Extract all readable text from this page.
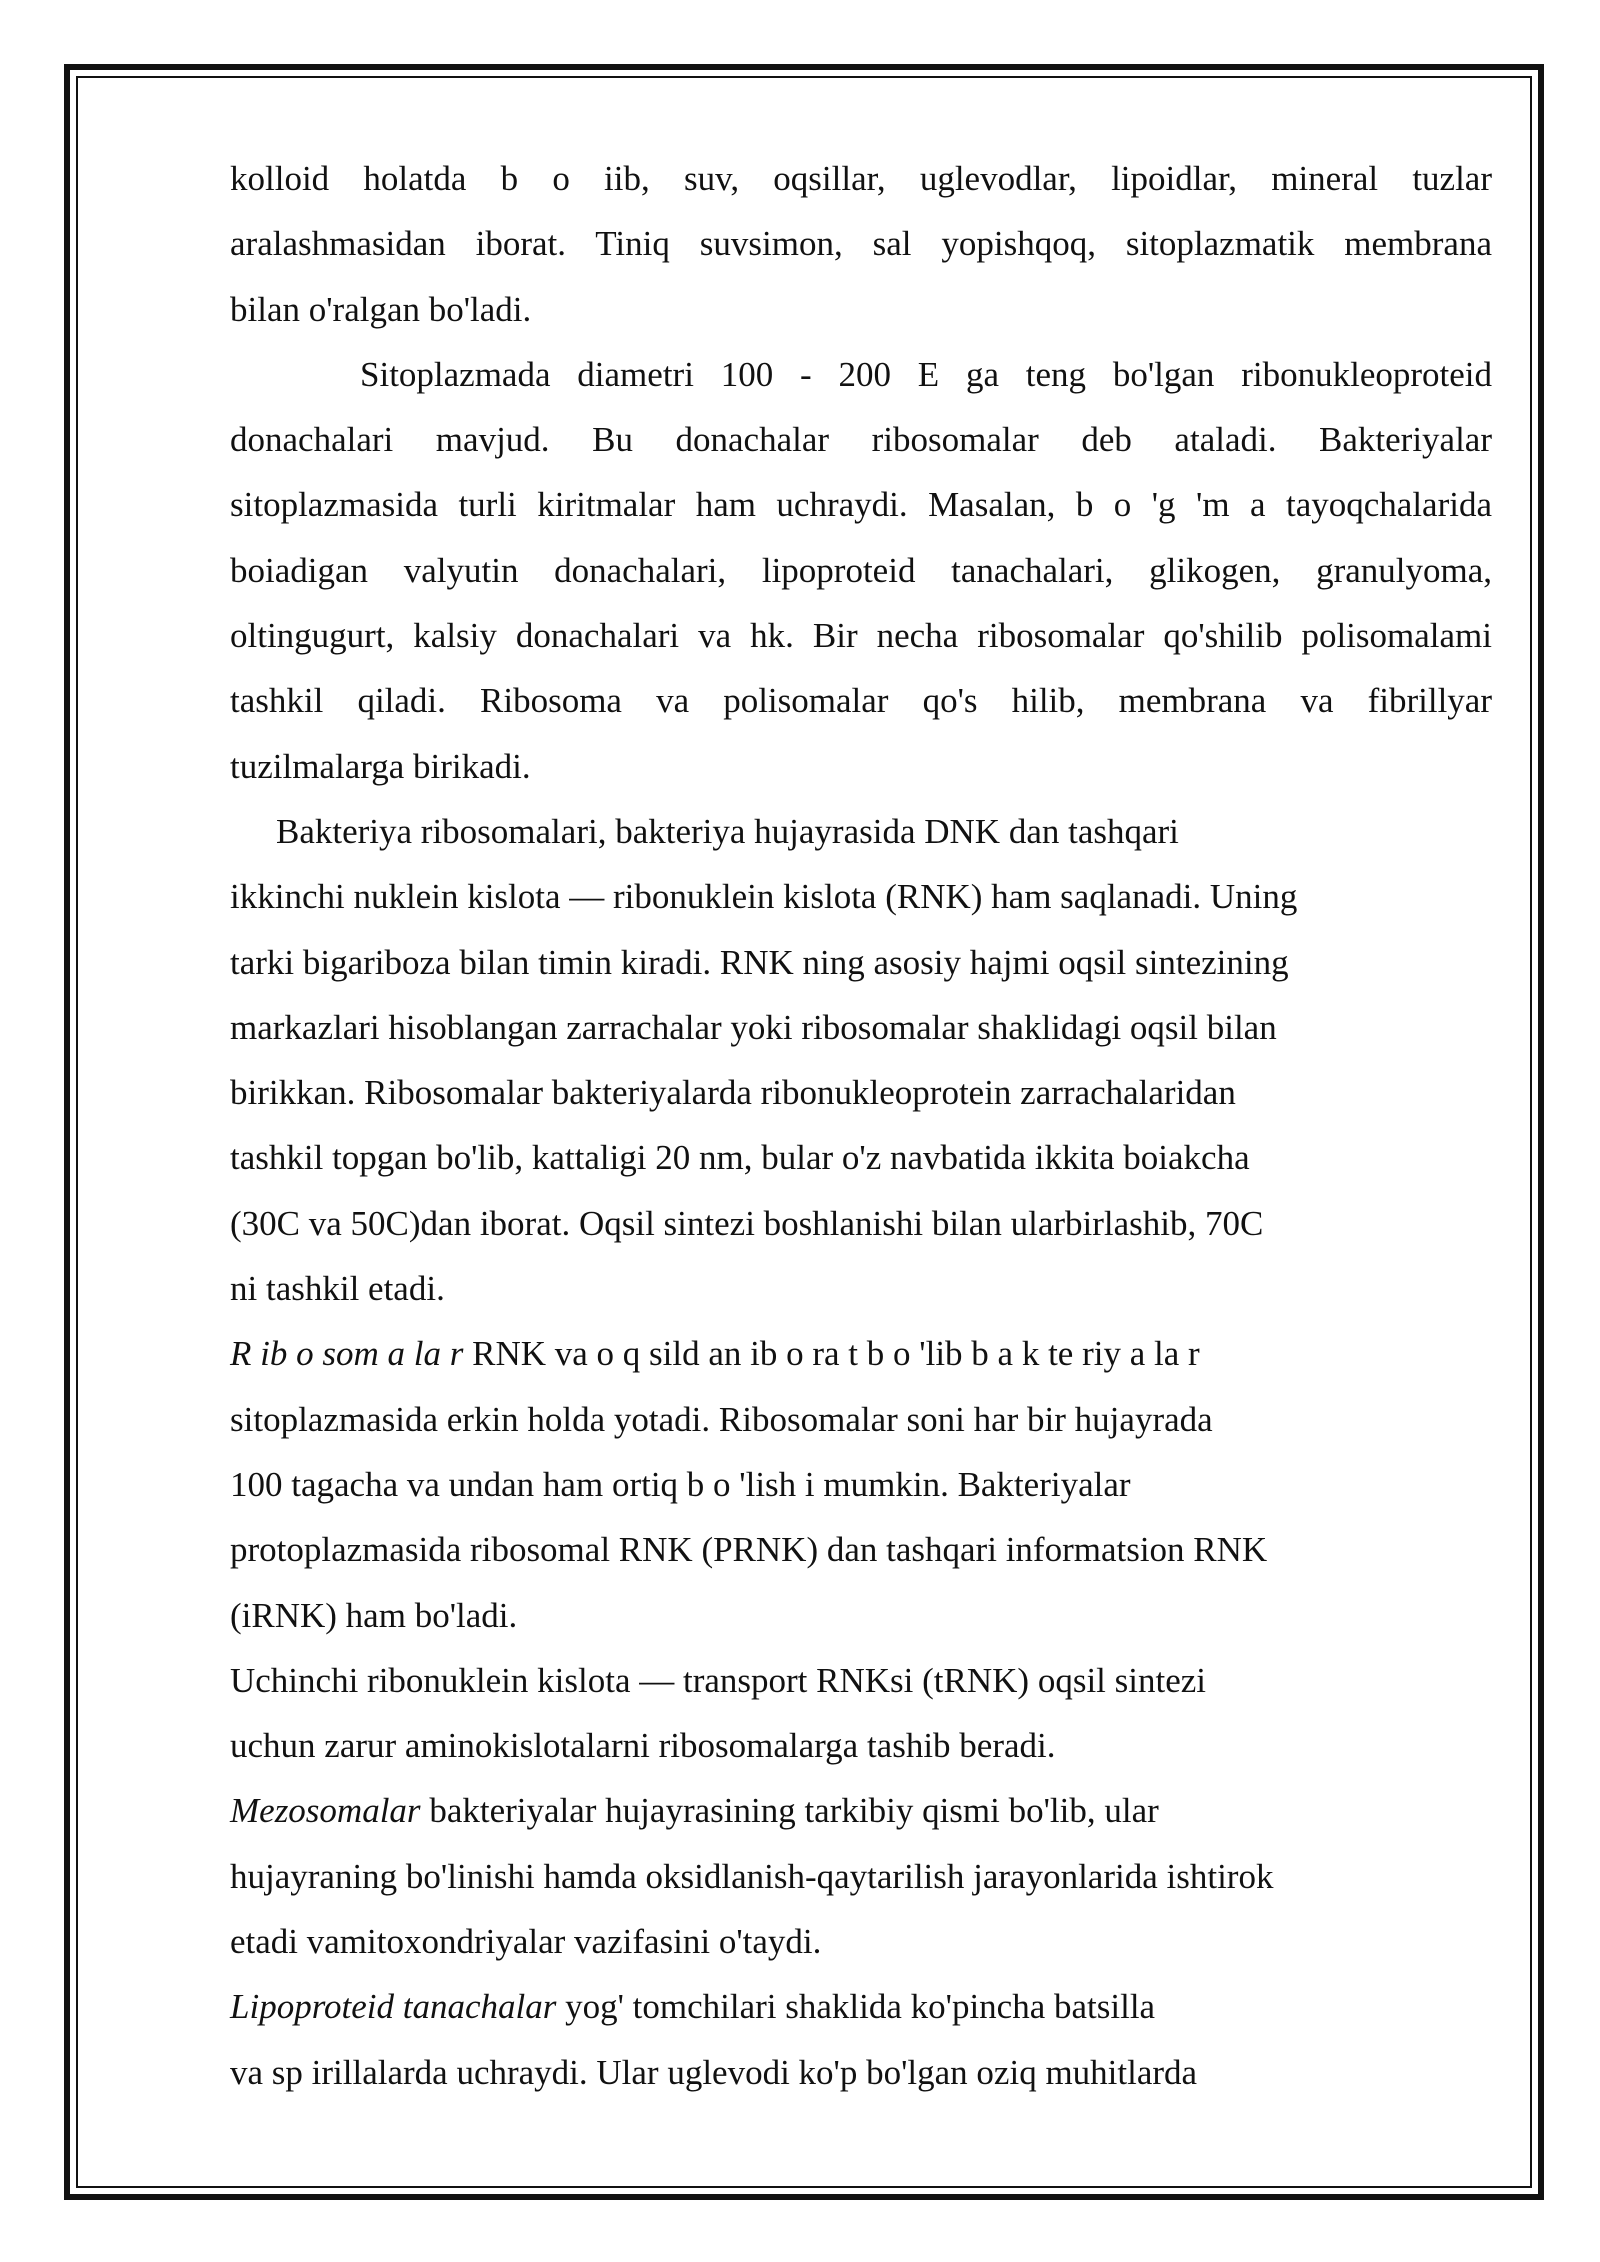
kolloid holatda b o iib, suv, oqsillar, uglevodlar, lipoidlar, mineral tuzlar
aralashmasidan iborat. Tiniq suvsimon, sal yopishqoq, sitoplazmatik membrana
bilan o'ralgan bo'ladi.
Sitoplazmada diametri 100 - 200 E ga teng bo'lgan ribonukleoproteid
donachalari mavjud. Bu donachalar ribosomalar deb ataladi. Bakteriyalar
sitoplazmasida turli kiritmalar ham uchraydi. Masalan, b o 'g 'm a tayoqchalarida
boiadigan valyutin donachalari, lipoproteid tanachalari, glikogen, granulyoma,
oltingugurt, kalsiy donachalari va hk. Bir necha ribosomalar qo'shilib polisomalami
tashkil qiladi. Ribosoma va polisomalar qo's hilib, membrana va fibrillyar
tuzilmalarga birikadi.
Bakteriya ribosomalari, bakteriya hujayrasida DNK dan tashqari
ikkinchi nuklein kislota — ribonuklein kislota (RNK) ham saqlanadi. Uning
tarki bigariboza bilan timin kiradi. RNK ning asosiy hajmi oqsil sintezining
markazlari hisoblangan zarrachalar yoki ribosomalar shaklidagi oqsil bilan
birikkan. Ribosomalar bakteriyalarda ribonukleoprotein zarrachalaridan
tashkil topgan bo'lib, kattaligi 20 nm, bular o'z navbatida ikkita boiakcha
(30C va 50C)dan iborat. Oqsil sintezi boshlanishi bilan ularbirlashib, 70C
ni tashkil etadi.
R ib o som a la r RNK va o q sild an ib o ra t b o 'lib b a k te riy a la r
sitoplazmasida erkin holda yotadi. Ribosomalar soni har bir hujayrada
100 tagacha va undan ham ortiq b o 'lish i mumkin. Bakteriyalar
protoplazmasida ribosomal RNK (PRNK) dan tashqari informatsion RNK
(iRNK) ham bo'ladi.
Uchinchi ribonuklein kislota — transport RNKsi (tRNK) oqsil sintezi
uchun zarur aminokislotalarni ribosomalarga tashib beradi.
Mezosomalar bakteriyalar hujayrasining tarkibiy qismi bo'lib, ular
hujayraning bo'linishi hamda oksidlanish-qaytarilish jarayonlarida ishtirok
etadi vamitoxondriyalar vazifasini o'taydi.
Lipoproteid tanachalar yog' tomchilari shaklida ko'pincha batsilla
va sp irillalarda uchraydi. Ular uglevodi ko'p bo'lgan oziq muhitlarda
